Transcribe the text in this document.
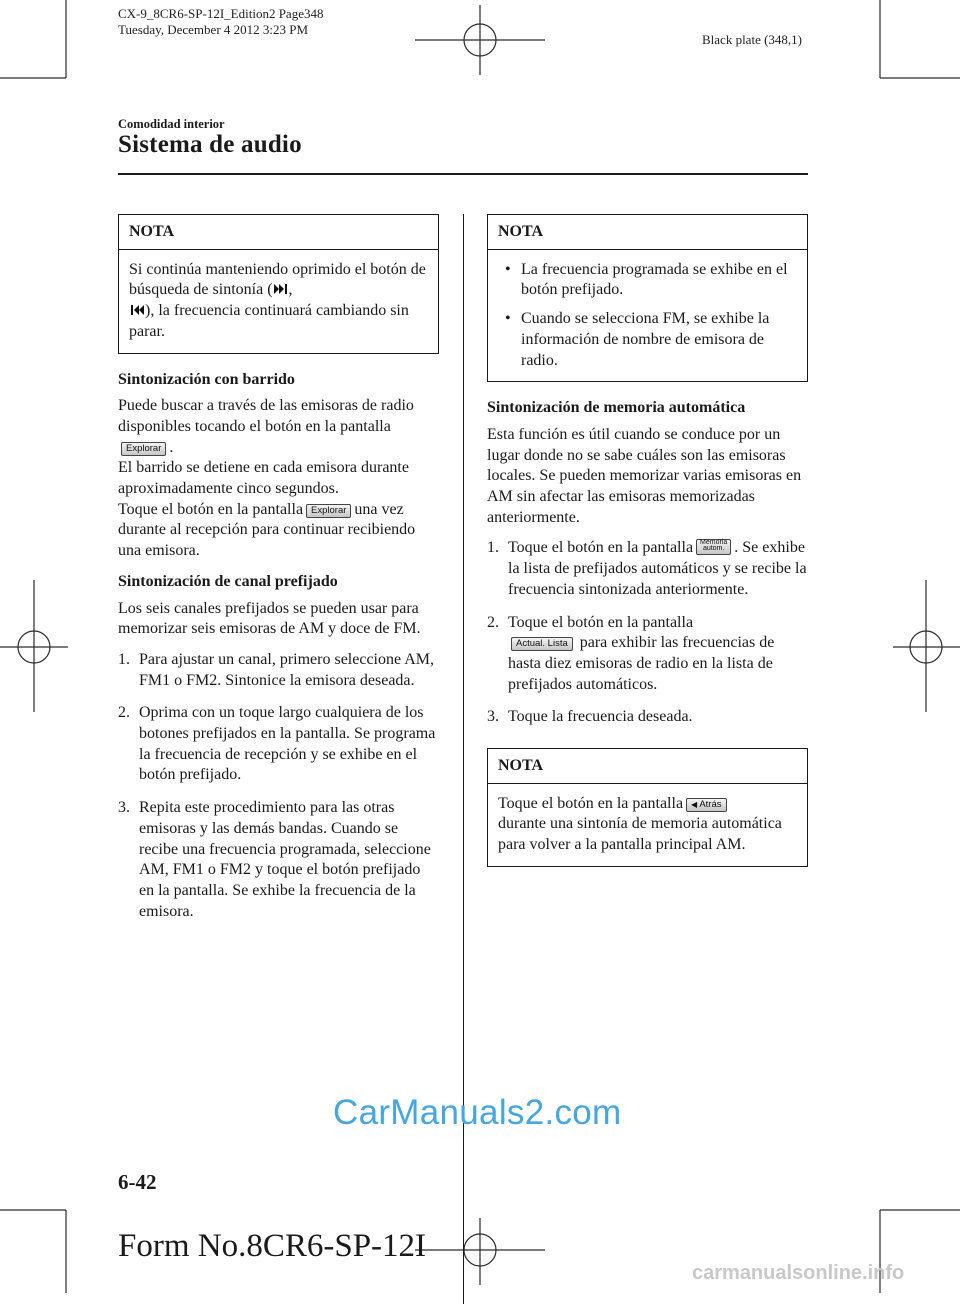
CX-9_8CR6-SP-12I_Edition2 Page348
Tuesday, December 4 2012 3:23 PM
Black plate (348,1)
Comodidad interior
Sistema de audio
NOTA
Si continúa manteniendo oprimido el botón de búsqueda de sintonía ( ,

), la frecuencia continuará cambiando sin parar.
Sintonización con barrido

Puede buscar a través de las emisoras de radio disponibles tocando el botón en la pantallaExplorar .
El barrido se detiene en cada emisora durante aproximadamente cinco segundos.
Toque el botón en la pantalla Explorar una vez durante al recepción para continuar recibiendo una emisora.

Sintonización de canal prefijado

Los seis canales prefijados se pueden usar para memorizar seis emisoras de AM y doce de FM.

1. Para ajustar un canal, primero seleccione AM, FM1 o FM2. Sintonice la emisora deseada.
2. Oprima con un toque largo cualquiera de los botones prefijados en la pantalla. Se programa la frecuencia de recepción y se exhibe en el botón prefijado.
3. Repita este procedimiento para las otras emisoras y las demás bandas. Cuando se recibe una frecuencia programada, seleccione AM, FM1 o FM2 y toque el botón prefijado en la pantalla. Se exhibe la frecuencia de la emisora.
NOTA
• La frecuencia programada se exhibe en el botón prefijado.
• Cuando se selecciona FM, se exhibe la información de nombre de emisora de radio.
Sintonización de memoria automática

Esta función es útil cuando se conduce por un lugar donde no se sabe cuáles son las emisoras locales. Se pueden memorizar varias emisoras en AM sin afectar las emisoras memorizadas anteriormente.

1. Toque el botón en la pantalla Memoria
autom. . Se exhibe la lista de prefijados automáticos y se recibe la frecuencia sintonizada anteriormente.
2. Toque el botón en la pantalla
Actual. Lista para exhibir las frecuencias de hasta diez emisoras de radio en la lista de prefijados automáticos.
3. Toque la frecuencia deseada.
NOTA
Toque el botón en la pantalla ◀ Atrás
durante una sintonía de memoria automática para volver a la pantalla principal AM.
CarManuals2.com
6-42
Form No.8CR6-SP-12I
carmanualsonline.info
